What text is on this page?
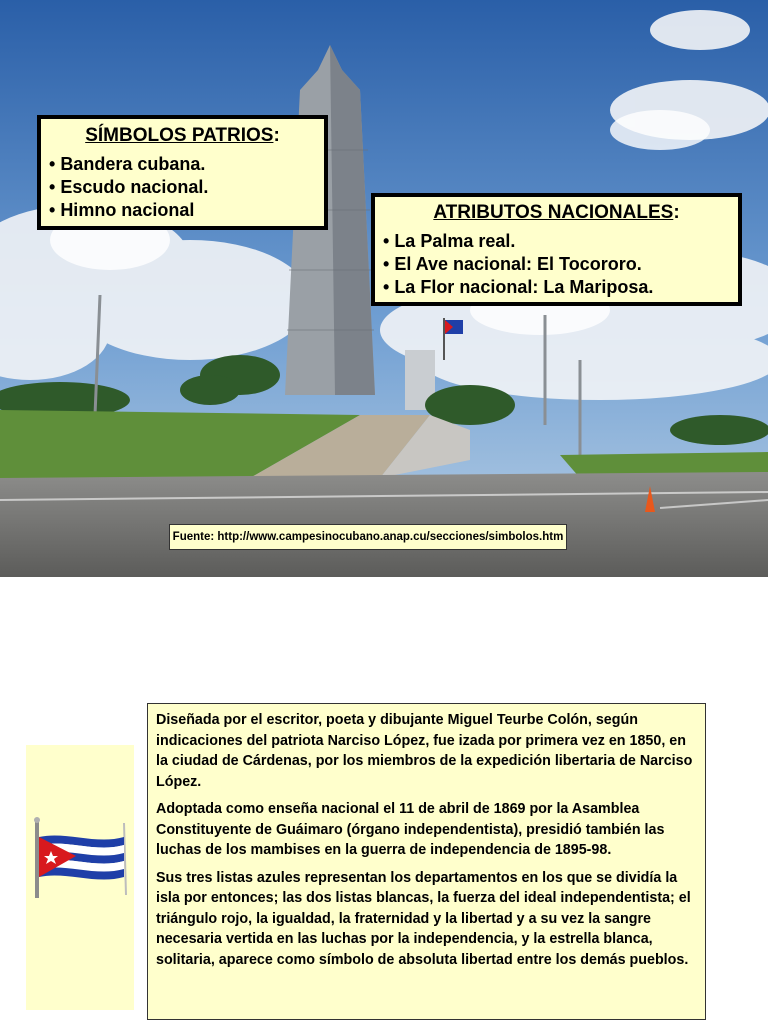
SÍMBOLOS PATRIOS:
• Bandera cubana.
• Escudo nacional.
• Himno nacional	ATRIBUTOS NACIONALES:
• La Palma real.
• El Ave nacional: El Tocororo.
• La Flor nacional: La Mariposa.
Fuente: http://www.campesinocubano.anap.cu/secciones/simbolos.htm

Diseñada por el escritor, poeta y dibujante Miguel Teurbe Colón, según indicaciones del patriota Narciso López, fue izada por primera vez en 1850, en la ciudad de Cárdenas, por los miembros de la expedición libertaria de Narciso López.

Adoptada como enseña nacional el 11 de abril de 1869 por la Asamblea Constituyente de Guáimaro (órgano independentista), presidió también las luchas de los mambises en la guerra de independencia de 1895-98.

Sus tres listas azules representan los departamentos en los que se dividía la isla por entonces; las dos listas blancas, la fuerza del ideal independentista; el triángulo rojo, la igualdad, la fraternidad y la libertad y a su vez la sangre necesaria vertida en las luchas por la independencia, y la estrella blanca, solitaria, aparece como símbolo de absoluta libertad entre los demás pueblos.
